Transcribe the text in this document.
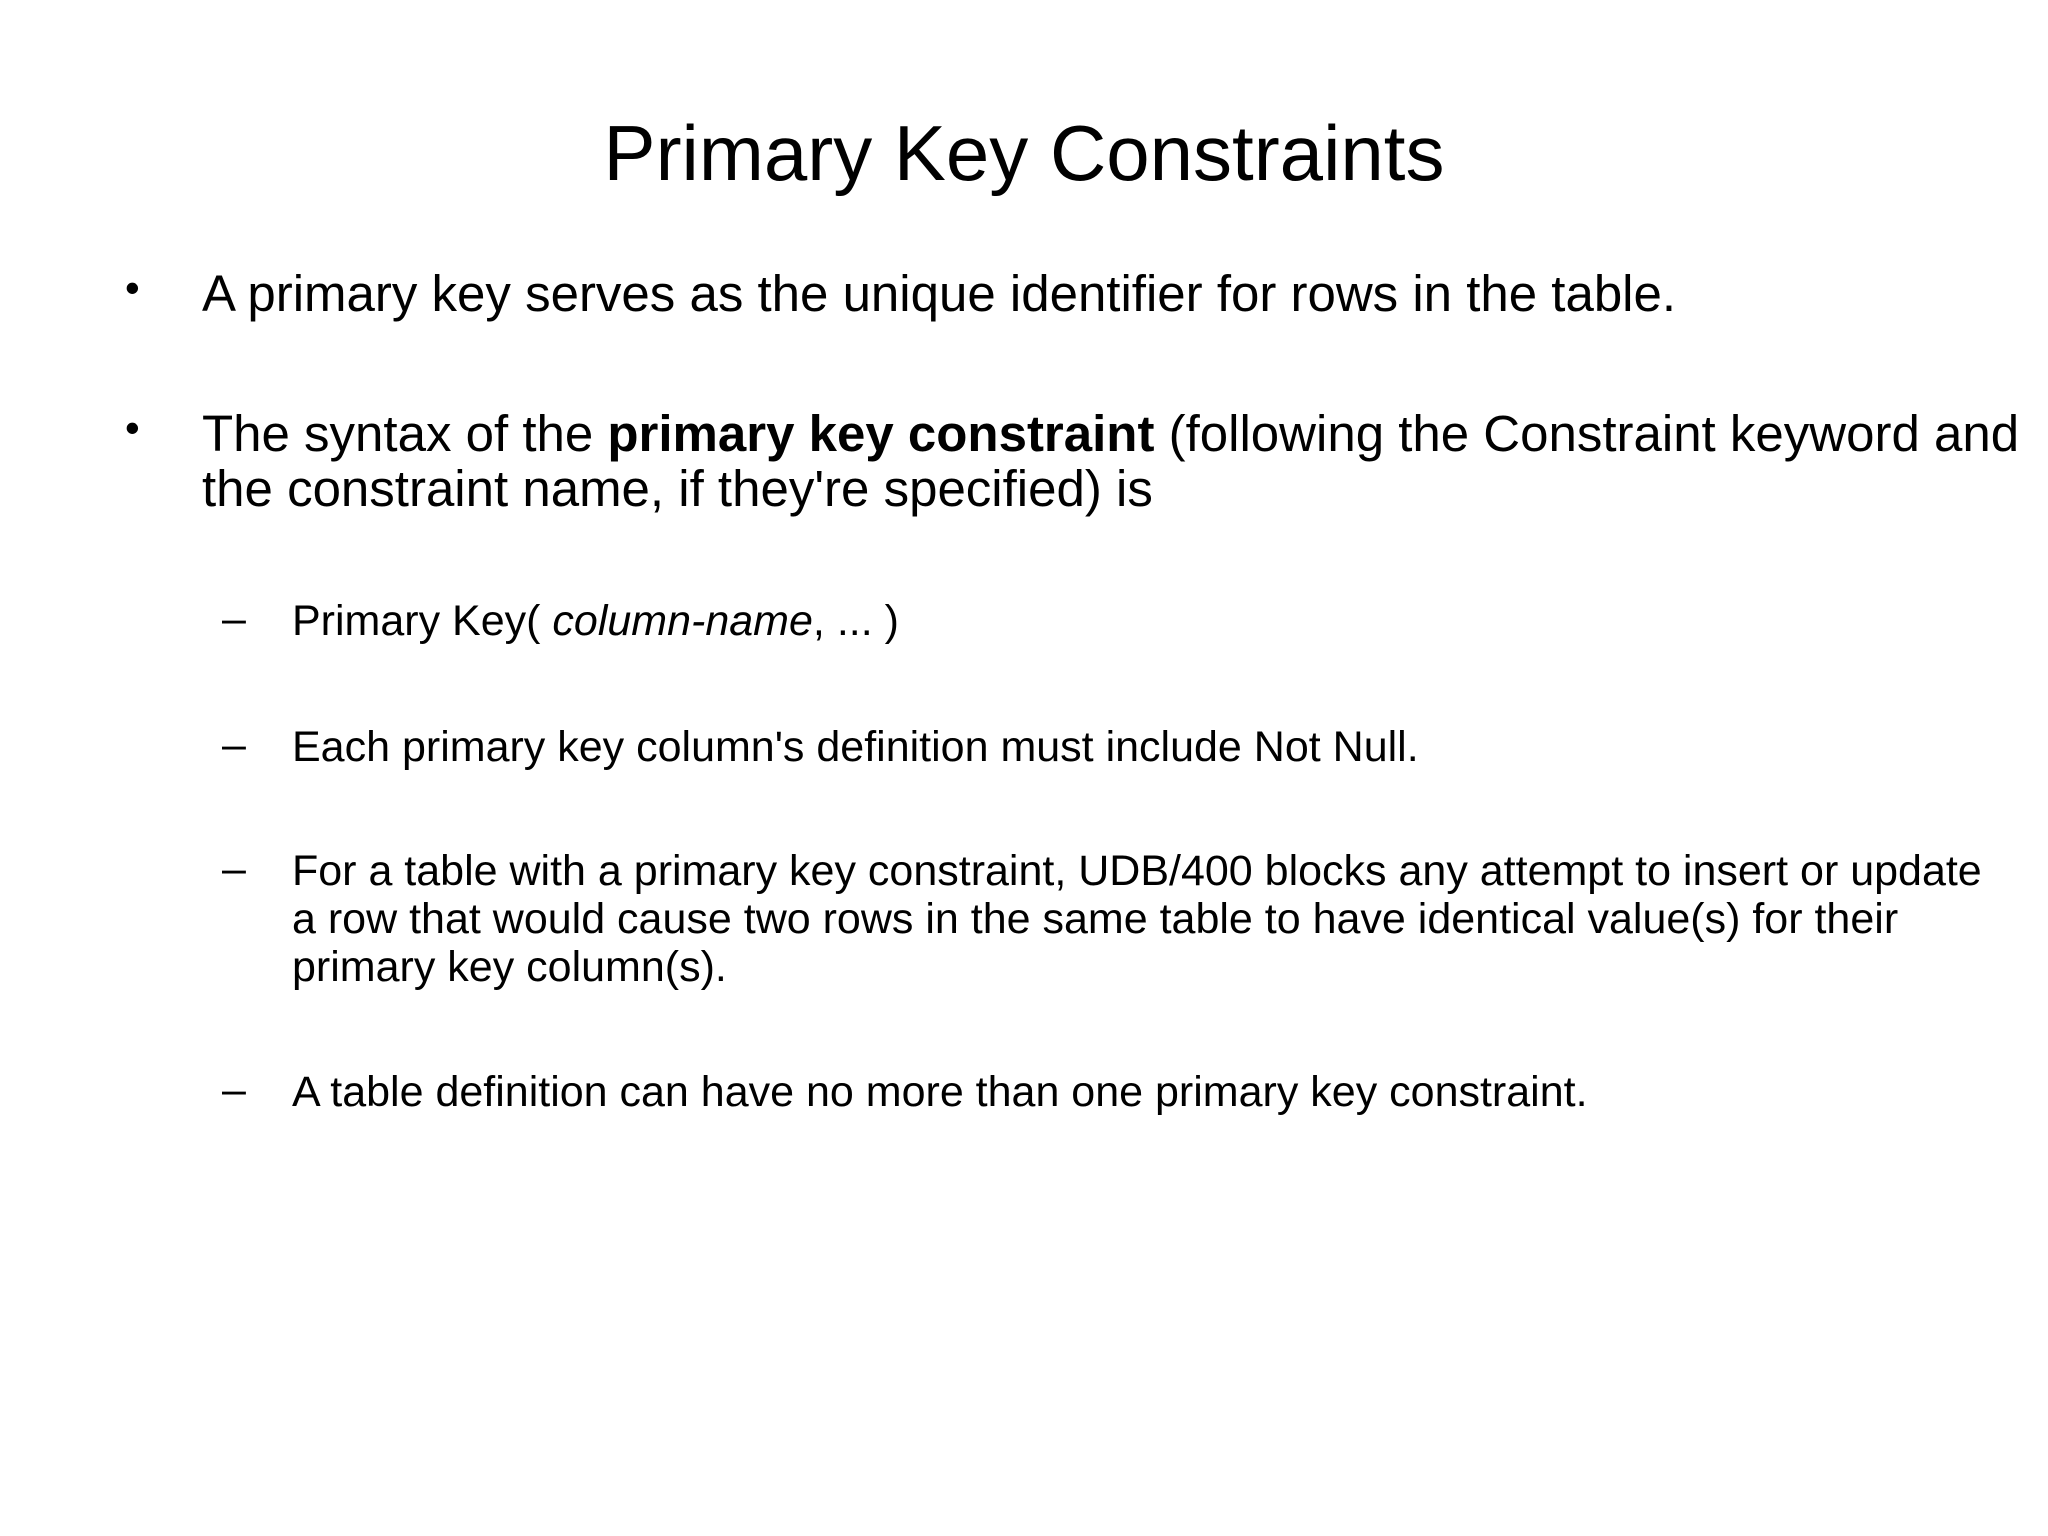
Primary Key Constraints
• A primary key serves as the unique identifier for rows in the table.
• The syntax of the primary key constraint (following the Constraint keyword and the constraint name, if they're specified) is
– Primary Key( column-name, ... )
– Each primary key column's definition must include Not Null.
– For a table with a primary key constraint, UDB/400 blocks any attempt to insert or update a row that would cause two rows in the same table to have identical value(s) for their primary key column(s).
– A table definition can have no more than one primary key constraint.
